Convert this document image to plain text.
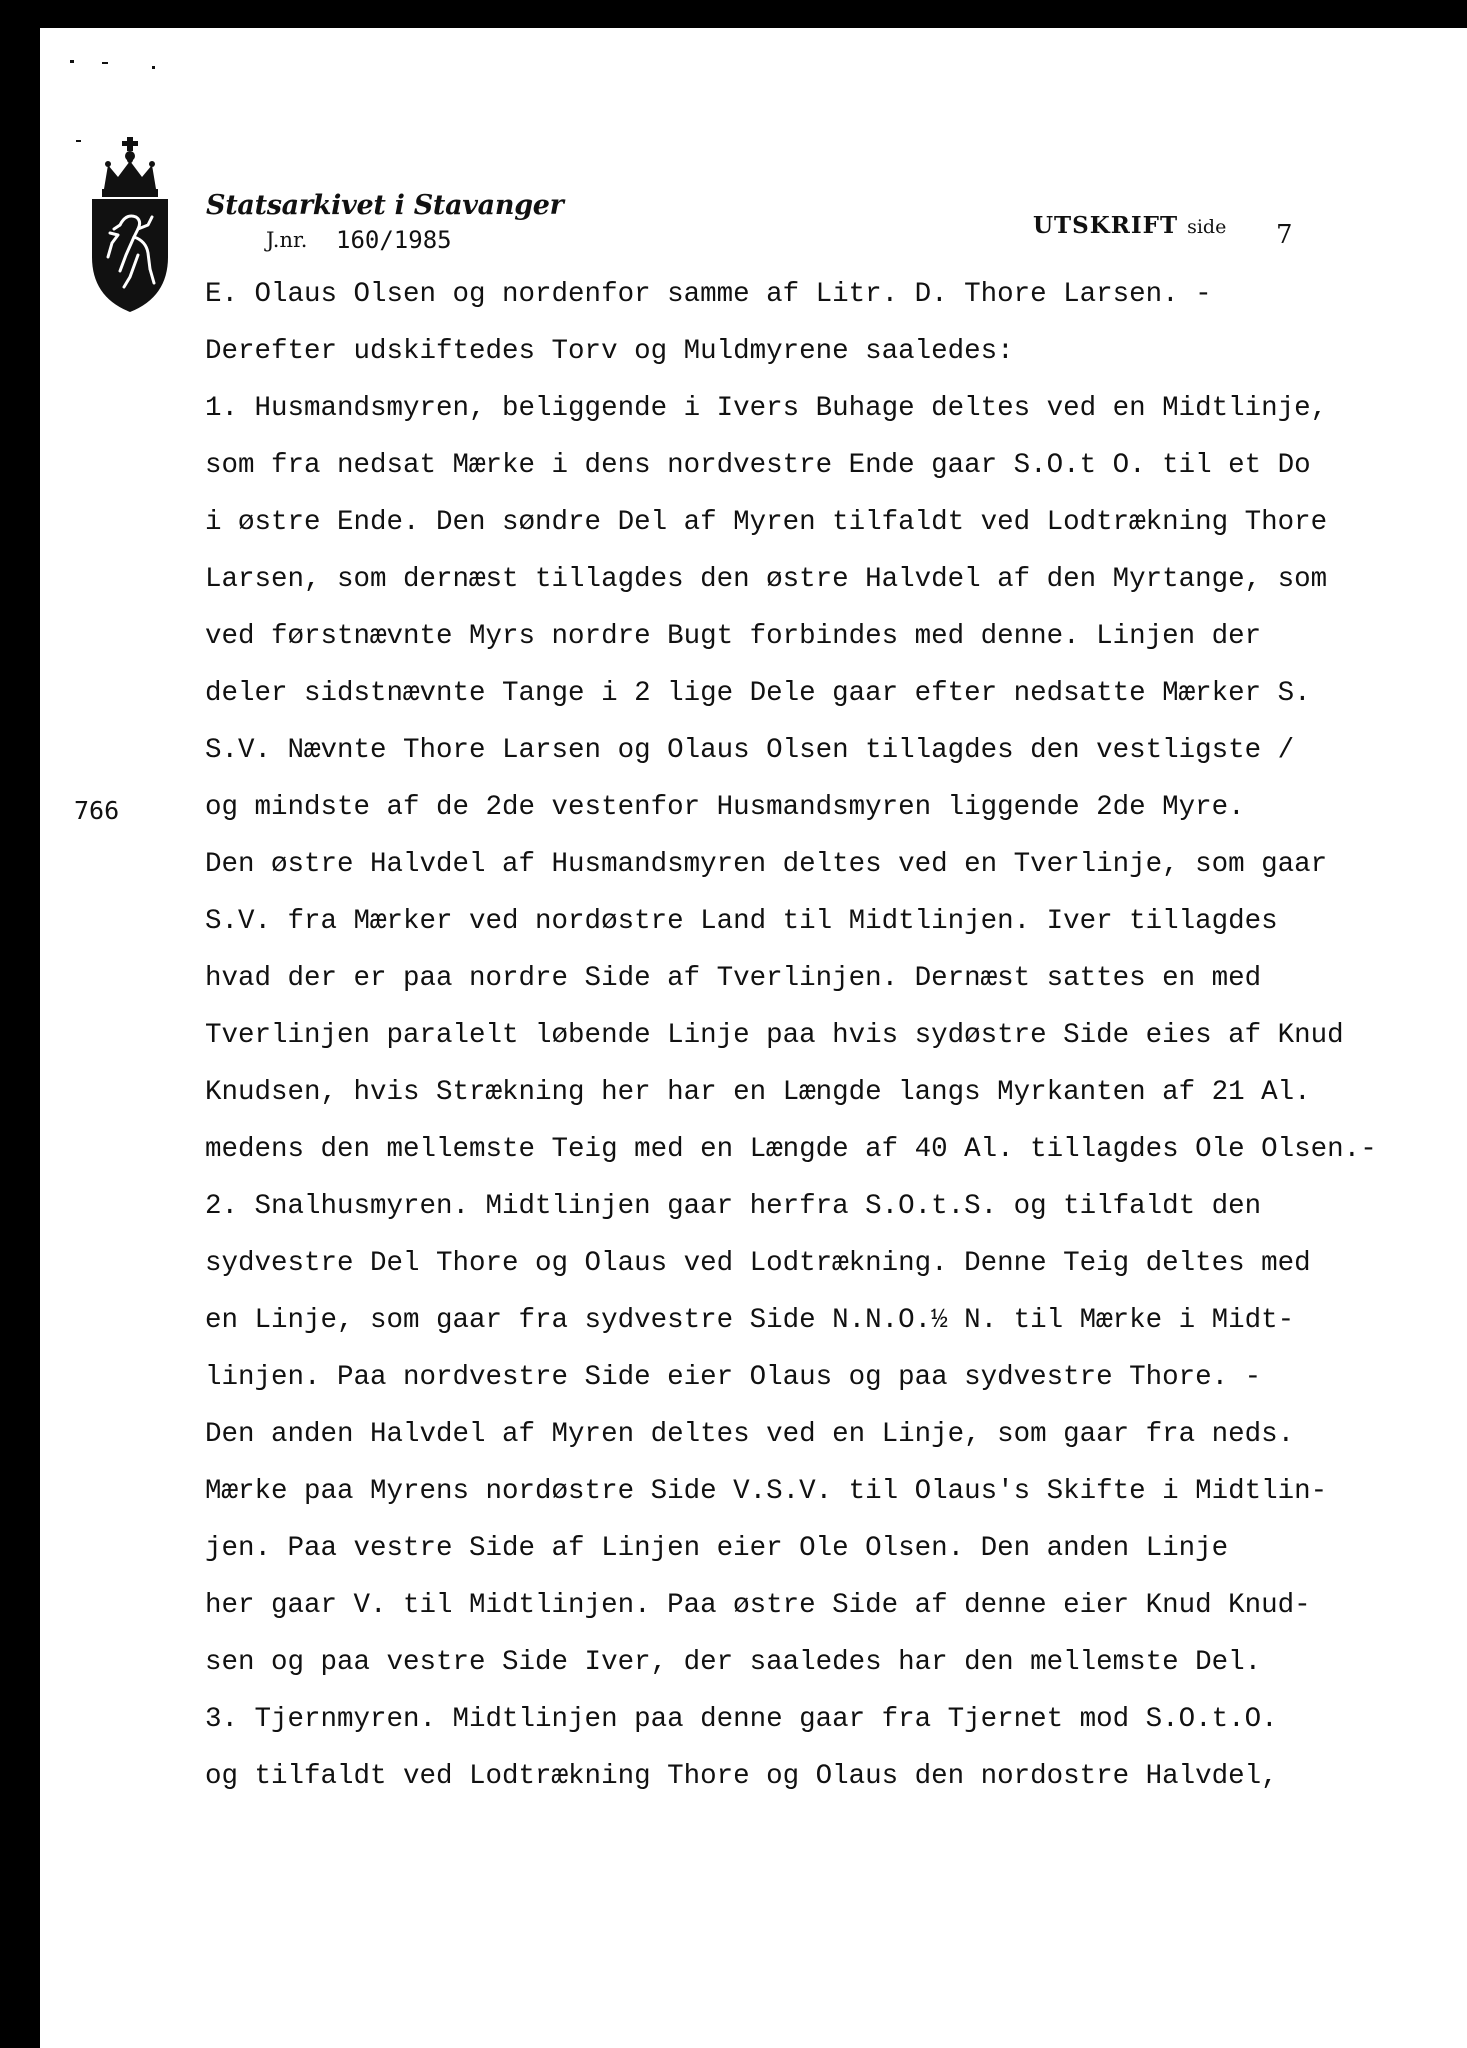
Statsarkivet i Stavanger
J.nr. 160/1985
UTSKRIFT side 7
766
E. Olaus Olsen og nordenfor samme af Litr. D. Thore Larsen. -
Derefter udskiftedes Torv og Muldmyrene saaledes:
1. Husmandsmyren, beliggende i Ivers Buhage deltes ved en Midtlinje,
som fra nedsat Mærke i dens nordvestre Ende gaar S.O.t O. til et Do
i østre Ende. Den søndre Del af Myren tilfaldt ved Lodtrækning Thore
Larsen, som dernæst tillagdes den østre Halvdel af den Myrtange, som
ved førstnævnte Myrs nordre Bugt forbindes med denne. Linjen der
deler sidstnævnte Tange i 2 lige Dele gaar efter nedsatte Mærker S.
S.V. Nævnte Thore Larsen og Olaus Olsen tillagdes den vestligste /
og mindste af de 2de vestenfor Husmandsmyren liggende 2de Myre.
Den østre Halvdel af Husmandsmyren deltes ved en Tverlinje, som gaar
S.V. fra Mærker ved nordøstre Land til Midtlinjen. Iver tillagdes
hvad der er paa nordre Side af Tverlinjen. Dernæst sattes en med
Tverlinjen paralelt løbende Linje paa hvis sydøstre Side eies af Knud
Knudsen, hvis Strækning her har en Længde langs Myrkanten af 21 Al.
medens den mellemste Teig med en Længde af 40 Al. tillagdes Ole Olsen.-
2. Snalhusmyren. Midtlinjen gaar herfra S.O.t.S. og tilfaldt den
sydvestre Del Thore og Olaus ved Lodtrækning. Denne Teig deltes med
en Linje, som gaar fra sydvestre Side N.N.O.½ N. til Mærke i Midt-
linjen. Paa nordvestre Side eier Olaus og paa sydvestre Thore. -
Den anden Halvdel af Myren deltes ved en Linje, som gaar fra neds.
Mærke paa Myrens nordøstre Side V.S.V. til Olaus's Skifte i Midtlin-
jen. Paa vestre Side af Linjen eier Ole Olsen. Den anden Linje
her gaar V. til Midtlinjen. Paa østre Side af denne eier Knud Knud-
sen og paa vestre Side Iver, der saaledes har den mellemste Del.
3. Tjernmyren. Midtlinjen paa denne gaar fra Tjernet mod S.O.t.O.
og tilfaldt ved Lodtrækning Thore og Olaus den nordostre Halvdel,
